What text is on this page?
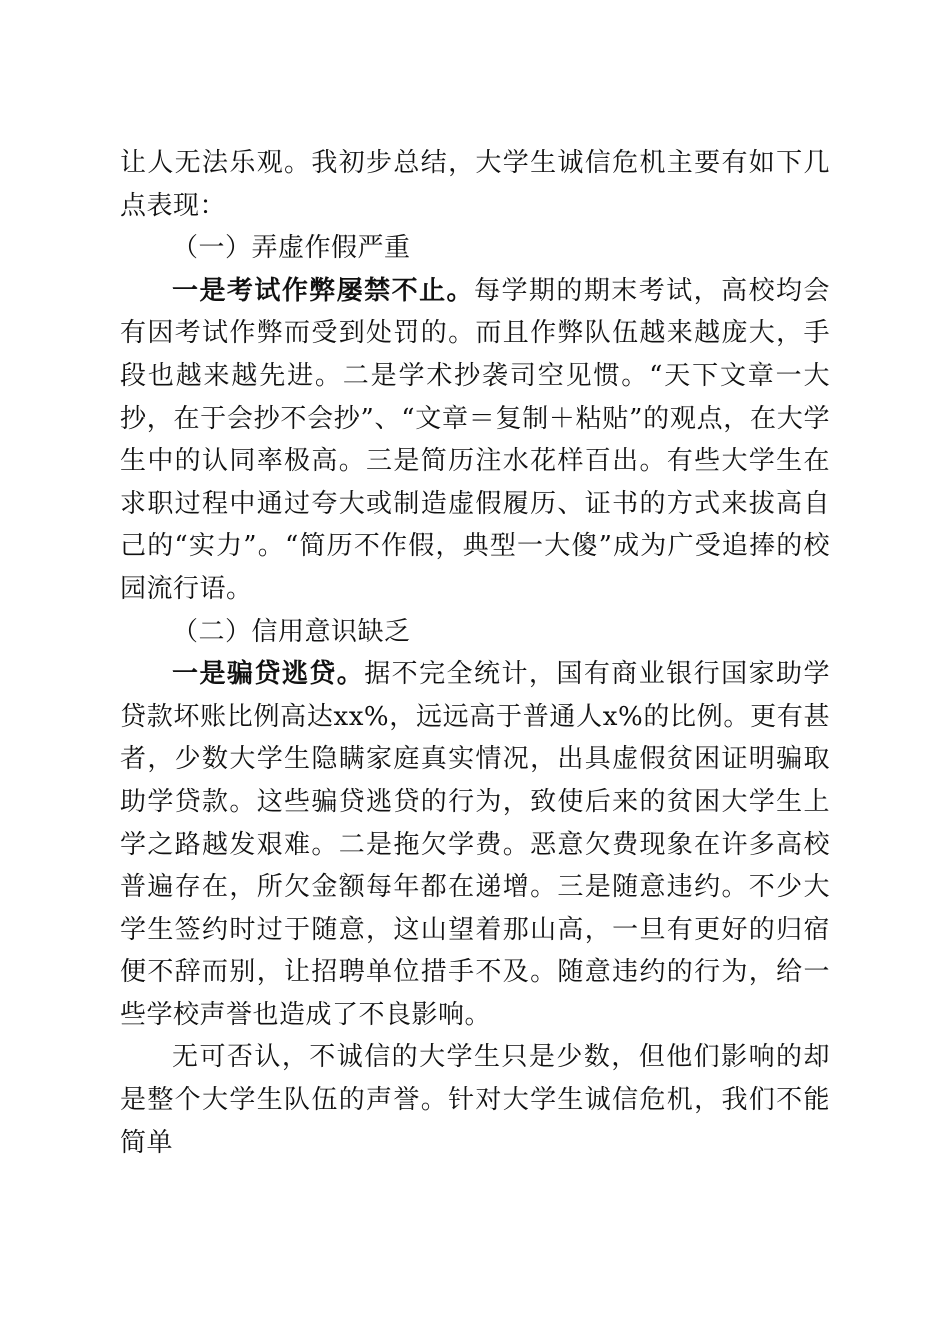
让人无法乐观。我初步总结，大学生诚信危机主要有如下几点表现：

（一）弄虚作假严重

一是考试作弊屡禁不止。每学期的期末考试，高校均会有因考试作弊而受到处罚的。而且作弊队伍越来越庞大，手段也越来越先进。二是学术抄袭司空见惯。“天下文章一大抄，在于会抄不会抄”、“文章＝复制＋粘贴”的观点，在大学生中的认同率极高。三是简历注水花样百出。有些大学生在求职过程中通过夸大或制造虚假履历、证书的方式来拔高自己的“实力”。“简历不作假，典型一大傻”成为广受追捧的校园流行语。

（二）信用意识缺乏

一是骗贷逃贷。据不完全统计，国有商业银行国家助学贷款坏账比例高达xx%，远远高于普通人x%的比例。更有甚者，少数大学生隐瞒家庭真实情况，出具虚假贫困证明骗取助学贷款。这些骗贷逃贷的行为，致使后来的贫困大学生上学之路越发艰难。二是拖欠学费。恶意欠费现象在许多高校普遍存在，所欠金额每年都在递增。三是随意违约。不少大学生签约时过于随意，这山望着那山高，一旦有更好的归宿便不辞而别，让招聘单位措手不及。随意违约的行为，给一些学校声誉也造成了不良影响。

无可否认，不诚信的大学生只是少数，但他们影响的却是整个大学生队伍的声誉。针对大学生诚信危机，我们不能简单
